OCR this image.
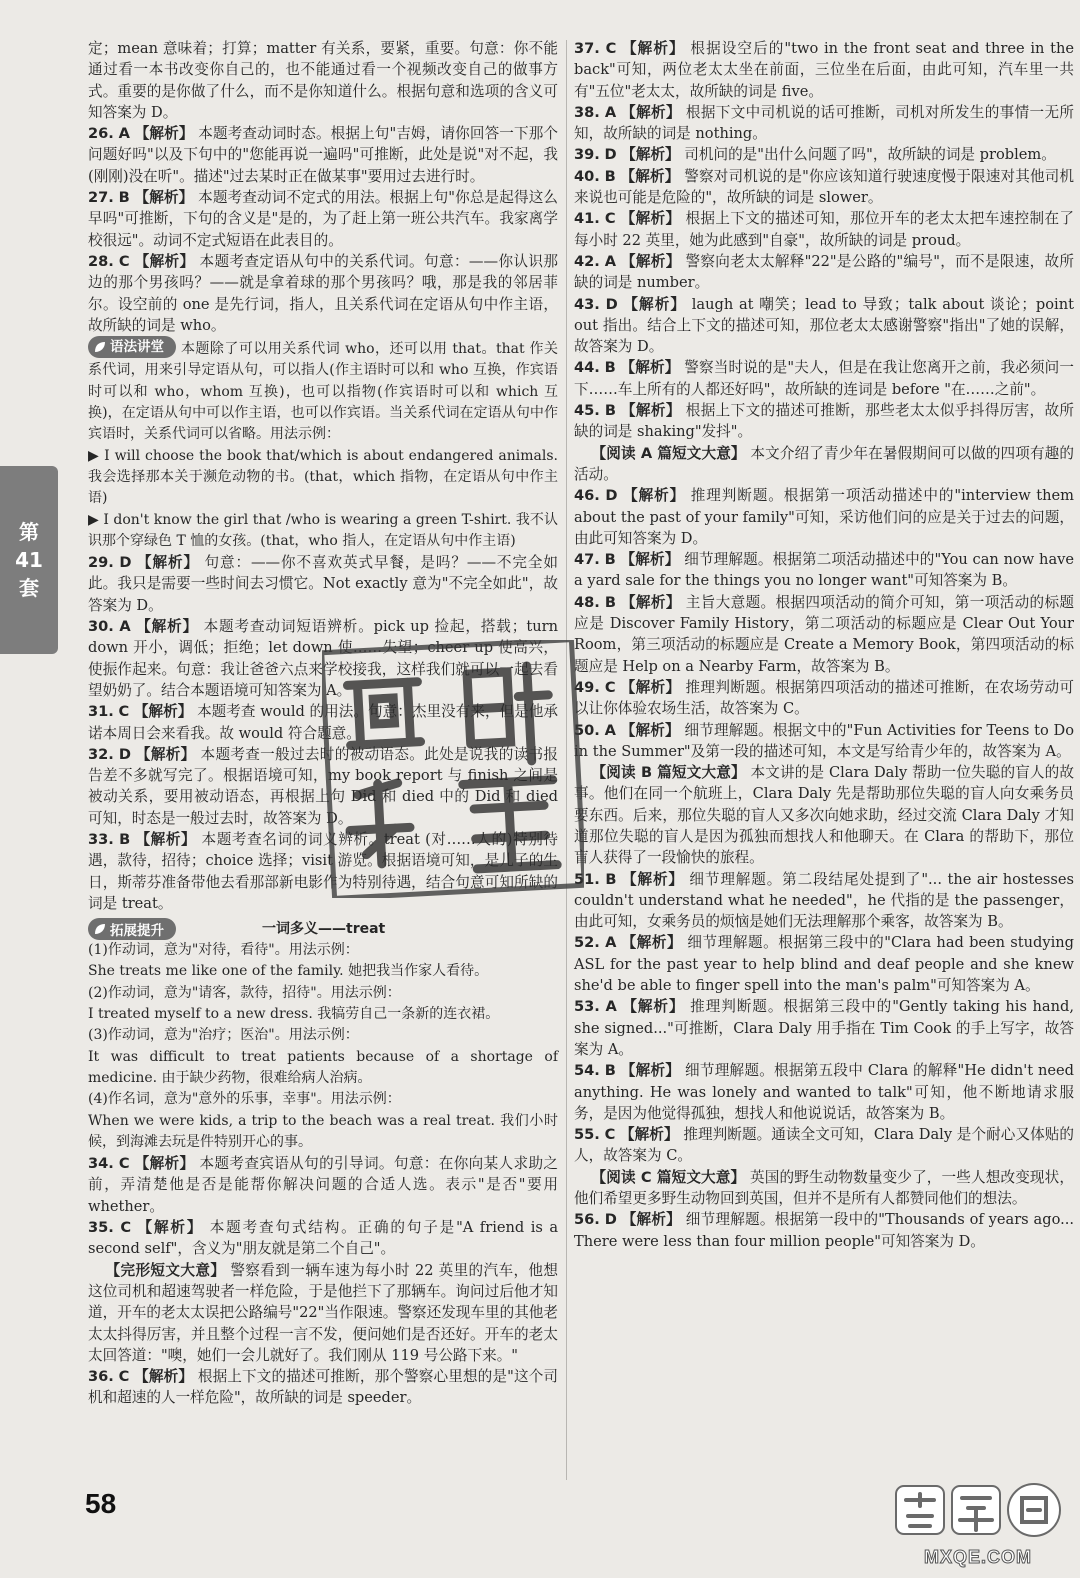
第
41
套

定；mean 意味着；打算；matter 有关系，要紧，重要。句意：你不能通过看一本书改变你自己的，也不能通过看一个视频改变自己的做事方式。重要的是你做了什么，而不是你知道什么。根据句意和选项的含义可知答案为 D。

26. A 【解析】 本题考查动词时态。根据上句"吉姆，请你回答一下那个问题好吗"以及下句中的"您能再说一遍吗"可推断，此处是说"对不起，我(刚刚)没在听"。描述"过去某时正在做某事"要用过去进行时。

27. B 【解析】 本题考查动词不定式的用法。根据上句"你总是起得这么早吗"可推断，下句的含义是"是的，为了赶上第一班公共汽车。我家离学校很远"。动词不定式短语在此表目的。

28. C 【解析】 本题考查定语从句中的关系代词。句意：——你认识那边的那个男孩吗？——就是拿着球的那个男孩吗？哦，那是我的邻居菲尔。设空前的 one 是先行词，指人，且关系代词在定语从句中作主语，故所缺的词是 who。

语法讲堂 本题除了可以用关系代词 who，还可以用 that。that 作关系代词，用来引导定语从句，可以指人(作主语时可以和 who 互换，作宾语时可以和 who，whom 互换)，也可以指物(作宾语时可以和 which 互换)，在定语从句中可以作主语，也可以作宾语。当关系代词在定语从句中作宾语时，关系代词可以省略。用法示例：

▶ I will choose the book that/which is about endangered animals. 我会选择那本关于濒危动物的书。(that，which 指物，在定语从句中作主语)

▶ I don't know the girl that /who is wearing a green T-shirt. 我不认识那个穿绿色 T 恤的女孩。(that，who 指人，在定语从句中作主语)

29. D 【解析】 句意：——你不喜欢英式早餐，是吗？——不完全如此。我只是需要一些时间去习惯它。Not exactly 意为"不完全如此"，故答案为 D。

30. A 【解析】 本题考查动词短语辨析。pick up 捡起，搭载；turn down 开小，调低；拒绝；let down 使……失望；cheer up 使高兴，使振作起来。句意：我让爸爸六点来学校接我，这样我们就可以一起去看望奶奶了。结合本题语境可知答案为 A。

31. C 【解析】 本题考查 would 的用法。句意：杰里没有来，但是他承诺本周日会来看我。故 would 符合题意。

32. D 【解析】 本题考查一般过去时的被动语态。此处是说我的读书报告差不多就写完了。根据语境可知，my book report 与 finish 之间是被动关系，要用被动语态，再根据上句 Did 和 died 中的 Did 和 died 可知，时态是一般过去时，故答案为 D。

33. B 【解析】 本题考查名词的词义辨析。treat (对……人的)特别待遇，款待，招待；choice 选择；visit 游览。根据语境可知，是儿子的生日，斯蒂芬准备带他去看那部新电影作为特别待遇，结合句意可知所缺的词是 treat。

拓展提升	一词多义——treat

(1)作动词，意为"对待，看待"。用法示例：

She treats me like one of the family. 她把我当作家人看待。

(2)作动词，意为"请客，款待，招待"。用法示例：

I treated myself to a new dress. 我犒劳自己一条新的连衣裙。

(3)作动词，意为"治疗；医治"。用法示例：

It was difficult to treat patients because of a shortage of medicine. 由于缺少药物，很难给病人治病。

(4)作名词，意为"意外的乐事，幸事"。用法示例：

When we were kids, a trip to the beach was a real treat. 我们小时候，到海滩去玩是件特别开心的事。

34. C 【解析】 本题考查宾语从句的引导词。句意：在你向某人求助之前，弄清楚他是否是能帮你解决问题的合适人选。表示"是否"要用 whether。

35. C 【解析】 本题考查句式结构。正确的句子是"A friend is a second self"，含义为"朋友就是第二个自己"。

【完形短文大意】 警察看到一辆车速为每小时 22 英里的汽车，他想这位司机和超速驾驶者一样危险，于是他拦下了那辆车。询问过后他才知道，开车的老太太误把公路编号"22"当作限速。警察还发现车里的其他老太太抖得厉害，并且整个过程一言不发，便问她们是否还好。开车的老太太回答道："噢，她们一会儿就好了。我们刚从 119 号公路下来。"

36. C 【解析】 根据上下文的描述可推断，那个警察心里想的是"这个司机和超速的人一样危险"，故所缺的词是 speeder。

37. C 【解析】 根据设空后的"two in the front seat and three in the back"可知，两位老太太坐在前面，三位坐在后面，由此可知，汽车里一共有"五位"老太太，故所缺的词是 five。

38. A 【解析】 根据下文中司机说的话可推断，司机对所发生的事情一无所知，故所缺的词是 nothing。

39. D 【解析】 司机问的是"出什么问题了吗"，故所缺的词是 problem。

40. B 【解析】 警察对司机说的是"你应该知道行驶速度慢于限速对其他司机来说也可能是危险的"，故所缺的词是 slower。

41. C 【解析】 根据上下文的描述可知，那位开车的老太太把车速控制在了每小时 22 英里，她为此感到"自豪"，故所缺的词是 proud。

42. A 【解析】 警察向老太太解释"22"是公路的"编号"，而不是限速，故所缺的词是 number。

43. D 【解析】 laugh at 嘲笑；lead to 导致；talk about 谈论；point out 指出。结合上下文的描述可知，那位老太太感谢警察"指出"了她的误解，故答案为 D。

44. B 【解析】 警察当时说的是"夫人，但是在我让您离开之前，我必须问一下……车上所有的人都还好吗"，故所缺的连词是 before "在……之前"。

45. B 【解析】 根据上下文的描述可推断，那些老太太似乎抖得厉害，故所缺的词是 shaking"发抖"。

【阅读 A 篇短文大意】 本文介绍了青少年在暑假期间可以做的四项有趣的活动。

46. D 【解析】 推理判断题。根据第一项活动描述中的"interview them about the past of your family"可知，采访他们问的应是关于过去的问题，由此可知答案为 D。

47. B 【解析】 细节理解题。根据第二项活动描述中的"You can now have a yard sale for the things you no longer want"可知答案为 B。

48. B 【解析】 主旨大意题。根据四项活动的简介可知，第一项活动的标题应是 Discover Family History，第二项活动的标题应是 Clear Out Your Room，第三项活动的标题应是 Create a Memory Book，第四项活动的标题应是 Help on a Nearby Farm，故答案为 B。

49. C 【解析】 推理判断题。根据第四项活动的描述可推断，在农场劳动可以让你体验农场生活，故答案为 C。

50. A 【解析】 细节理解题。根据文中的"Fun Activities for Teens to Do in the Summer"及第一段的描述可知，本文是写给青少年的，故答案为 A。

【阅读 B 篇短文大意】 本文讲的是 Clara Daly 帮助一位失聪的盲人的故事。他们在同一个航班上，Clara Daly 先是帮助那位失聪的盲人向女乘务员要东西。后来，那位失聪的盲人又多次向她求助，经过交流 Clara Daly 才知道那位失聪的盲人是因为孤独而想找人和他聊天。在 Clara 的帮助下，那位盲人获得了一段愉快的旅程。

51. B 【解析】 细节理解题。第二段结尾处提到了"... the air hostesses couldn't understand what he needed"，he 代指的是 the passenger，由此可知，女乘务员的烦恼是她们无法理解那个乘客，故答案为 B。

52. A 【解析】 细节理解题。根据第三段中的"Clara had been studying ASL for the past year to help blind and deaf people and she knew she'd be able to finger spell into the man's palm"可知答案为 A。

53. A 【解析】 推理判断题。根据第三段中的"Gently taking his hand, she signed..."可推断，Clara Daly 用手指在 Tim Cook 的手上写字，故答案为 A。

54. B 【解析】 细节理解题。根据第五段中 Clara 的解释"He didn't need anything. He was lonely and wanted to talk"可知，他不断地请求服务，是因为他觉得孤独，想找人和他说说话，故答案为 B。

55. C 【解析】 推理判断题。通读全文可知，Clara Daly 是个耐心又体贴的人，故答案为 C。

【阅读 C 篇短文大意】 英国的野生动物数量变少了，一些人想改变现状，他们希望更多野生动物回到英国，但并不是所有人都赞同他们的想法。

56. D 【解析】 细节理解题。根据第一段中的"Thousands of years ago... There were less than four million people"可知答案为 D。

58
MXQE.COM
